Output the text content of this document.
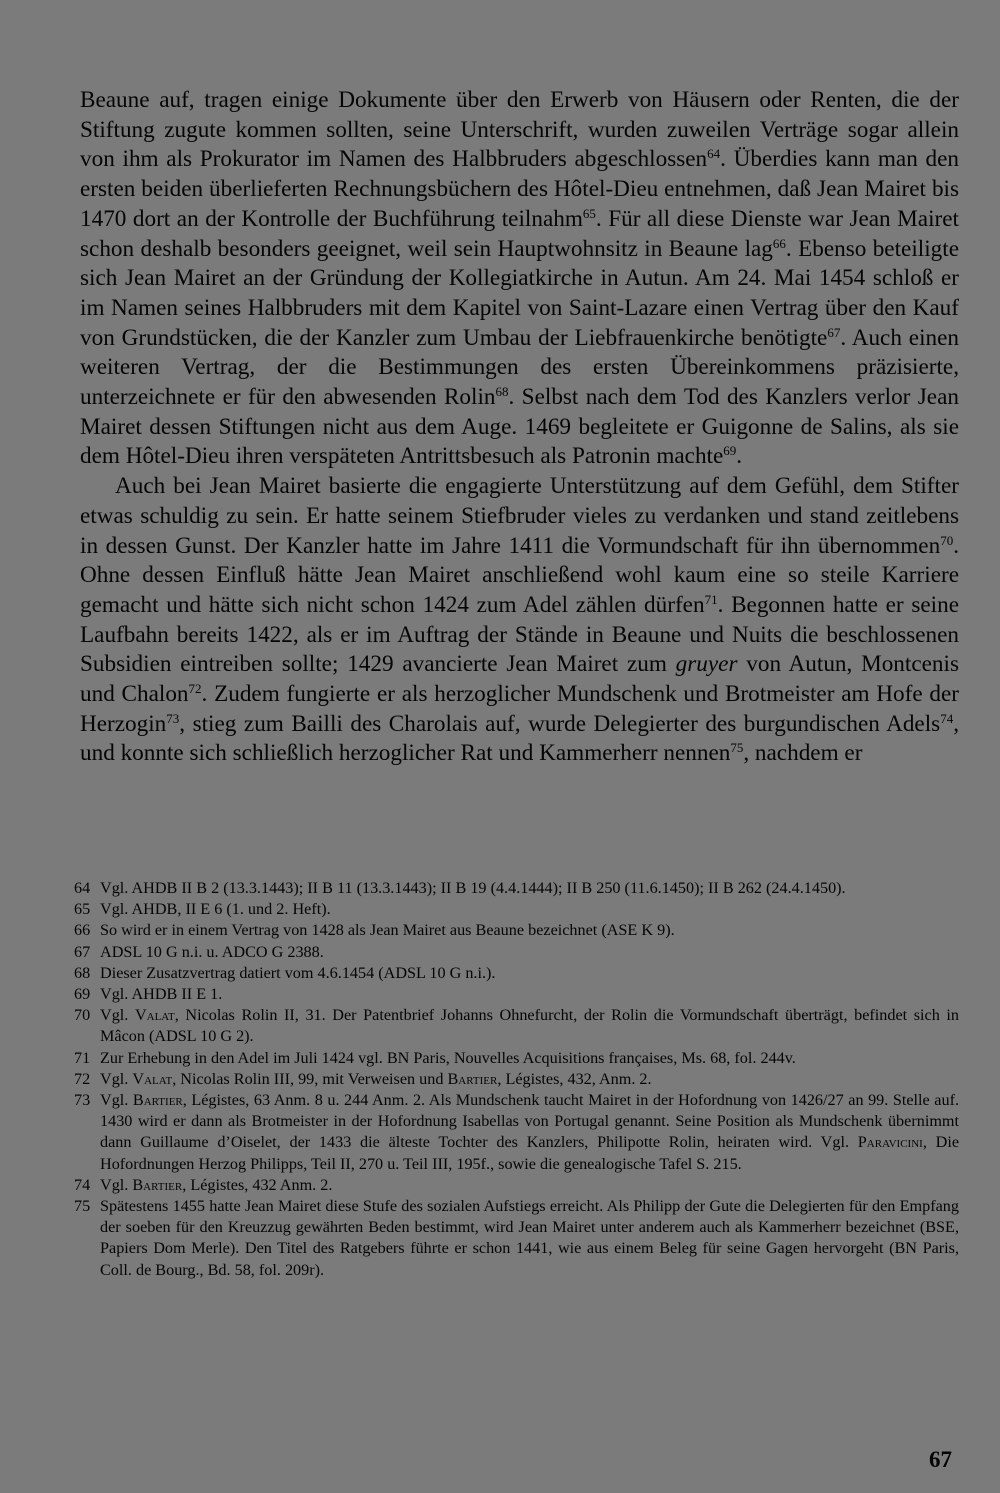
Beaune auf, tragen einige Dokumente über den Erwerb von Häusern oder Renten, die der Stiftung zugute kommen sollten, seine Unterschrift, wurden zuweilen Verträge sogar allein von ihm als Prokurator im Namen des Halbbruders abgeschlossen$^{64}$. Überdies kann man den ersten beiden überlieferten Rechnungsbüchern des Hôtel-Dieu entnehmen, daß Jean Mairet bis 1470 dort an der Kontrolle der Buchführung teilnahm$^{65}$. Für all diese Dienste war Jean Mairet schon deshalb besonders geeignet, weil sein Hauptwohnsitz in Beaune lag$^{66}$. Ebenso beteiligte sich Jean Mairet an der Gründung der Kollegiatkirche in Autun. Am 24. Mai 1454 schloß er im Namen seines Halbbruders mit dem Kapitel von Saint-Lazare einen Vertrag über den Kauf von Grundstücken, die der Kanzler zum Umbau der Liebfrauenkirche benötigte$^{67}$. Auch einen weiteren Vertrag, der die Bestimmungen des ersten Übereinkommens präzisierte, unterzeichnete er für den abwesenden Rolin$^{68}$. Selbst nach dem Tod des Kanzlers verlor Jean Mairet dessen Stiftungen nicht aus dem Auge. 1469 begleitete er Guigonne de Salins, als sie dem Hôtel-Dieu ihren verspäteten Antrittsbesuch als Patronin machte$^{69}$.

Auch bei Jean Mairet basierte die engagierte Unterstützung auf dem Gefühl, dem Stifter etwas schuldig zu sein. Er hatte seinem Stiefbruder vieles zu verdanken und stand zeitlebens in dessen Gunst. Der Kanzler hatte im Jahre 1411 die Vormundschaft für ihn übernommen$^{70}$. Ohne dessen Einfluß hätte Jean Mairet anschließend wohl kaum eine so steile Karriere gemacht und hätte sich nicht schon 1424 zum Adel zählen dürfen$^{71}$. Begonnen hatte er seine Laufbahn bereits 1422, als er im Auftrag der Stände in Beaune und Nuits die beschlossenen Subsidien eintreiben sollte; 1429 avancierte Jean Mairet zum gruyer von Autun, Montcenis und Chalon$^{72}$. Zudem fungierte er als herzoglicher Mundschenk und Brotmeister am Hofe der Herzogin$^{73}$, stieg zum Bailli des Charolais auf, wurde Delegierter des burgundischen Adels$^{74}$, und konnte sich schließlich herzoglicher Rat und Kammerherr nennen$^{75}$, nachdem er

64 Vgl. AHDB II B 2 (13.3.1443); II B 11 (13.3.1443); II B 19 (4.4.1444); II B 250 (11.6.1450); II B 262 (24.4.1450).
65 Vgl. AHDB, II E 6 (1. und 2. Heft).
66 So wird er in einem Vertrag von 1428 als Jean Mairet aus Beaune bezeichnet (ASE K 9).
67 ADSL 10 G n.i. u. ADCO G 2388.
68 Dieser Zusatzvertrag datiert vom 4.6.1454 (ADSL 10 G n.i.).
69 Vgl. AHDB II E 1.
70 Vgl. Valat, Nicolas Rolin II, 31. Der Patentbrief Johanns Ohnefurcht, der Rolin die Vormundschaft überträgt, befindet sich in Mâcon (ADSL 10 G 2).
71 Zur Erhebung in den Adel im Juli 1424 vgl. BN Paris, Nouvelles Acquisitions françaises, Ms. 68, fol. 244v.
72 Vgl. Valat, Nicolas Rolin III, 99, mit Verweisen und Bartier, Légistes, 432, Anm. 2.
73 Vgl. Bartier, Légistes, 63 Anm. 8 u. 244 Anm. 2. Als Mundschenk taucht Mairet in der Hofordnung von 1426/27 an 99. Stelle auf. 1430 wird er dann als Brotmeister in der Hofordnung Isabellas von Portugal genannt. Seine Position als Mundschenk übernimmt dann Guillaume d’Oiselet, der 1433 die älteste Tochter des Kanzlers, Philipotte Rolin, heiraten wird. Vgl. Paravicini, Die Hofordnungen Herzog Philipps, Teil II, 270 u. Teil III, 195f., sowie die genealogische Tafel S. 215.
74 Vgl. Bartier, Légistes, 432 Anm. 2.
75 Spätestens 1455 hatte Jean Mairet diese Stufe des sozialen Aufstiegs erreicht. Als Philipp der Gute die Delegierten für den Empfang der soeben für den Kreuzzug gewährten Beden bestimmt, wird Jean Mairet unter anderem auch als Kammerherr bezeichnet (BSE, Papiers Dom Merle). Den Titel des Ratgebers führte er schon 1441, wie aus einem Beleg für seine Gagen hervorgeht (BN Paris, Coll. de Bourg., Bd. 58, fol. 209r).
67
